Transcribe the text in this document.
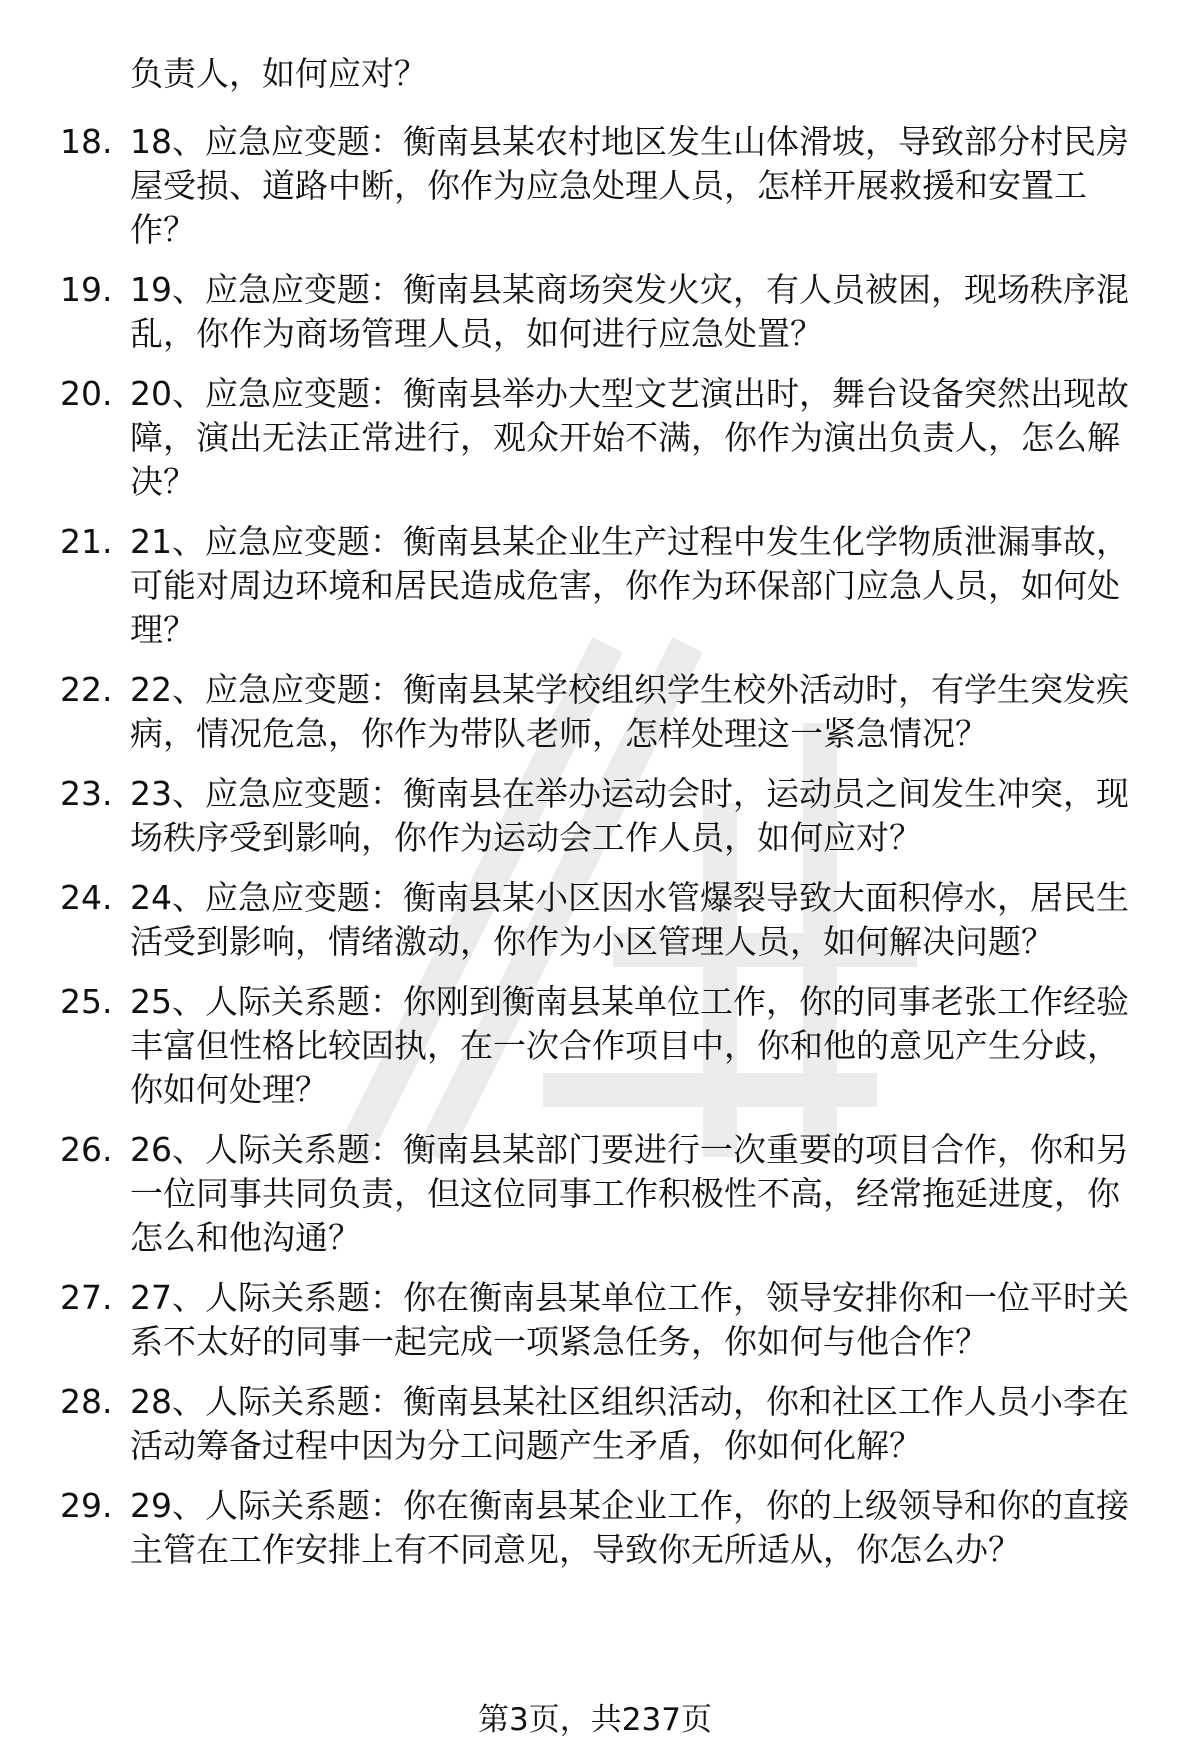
负责人，如何应对？
18. 18、应急应变题：衡南县某农村地区发生山体滑坡，导致部分村民房屋受损、道路中断，你作为应急处理人员，怎样开展救援和安置工作？
19. 19、应急应变题：衡南县某商场突发火灾，有人员被困，现场秩序混乱，你作为商场管理人员，如何进行应急处置？
20. 20、应急应变题：衡南县举办大型文艺演出时，舞台设备突然出现故障，演出无法正常进行，观众开始不满，你作为演出负责人，怎么解决？
21. 21、应急应变题：衡南县某企业生产过程中发生化学物质泄漏事故，可能对周边环境和居民造成危害，你作为环保部门应急人员，如何处理？
22. 22、应急应变题：衡南县某学校组织学生校外活动时，有学生突发疾病，情况危急，你作为带队老师，怎样处理这一紧急情况？
23. 23、应急应变题：衡南县在举办运动会时，运动员之间发生冲突，现场秩序受到影响，你作为运动会工作人员，如何应对？
24. 24、应急应变题：衡南县某小区因水管爆裂导致大面积停水，居民生活受到影响，情绪激动，你作为小区管理人员，如何解决问题？
25. 25、人际关系题：你刚到衡南县某单位工作，你的同事老张工作经验丰富但性格比较固执，在一次合作项目中，你和他的意见产生分歧，你如何处理？
26. 26、人际关系题：衡南县某部门要进行一次重要的项目合作，你和另一位同事共同负责，但这位同事工作积极性不高，经常拖延进度，你怎么和他沟通？
27. 27、人际关系题：你在衡南县某单位工作，领导安排你和一位平时关系不太好的同事一起完成一项紧急任务，你如何与他合作？
28. 28、人际关系题：衡南县某社区组织活动，你和社区工作人员小李在活动筹备过程中因为分工问题产生矛盾，你如何化解？
29. 29、人际关系题：你在衡南县某企业工作，你的上级领导和你的直接主管在工作安排上有不同意见，导致你无所适从，你怎么办？
第3页，共237页
